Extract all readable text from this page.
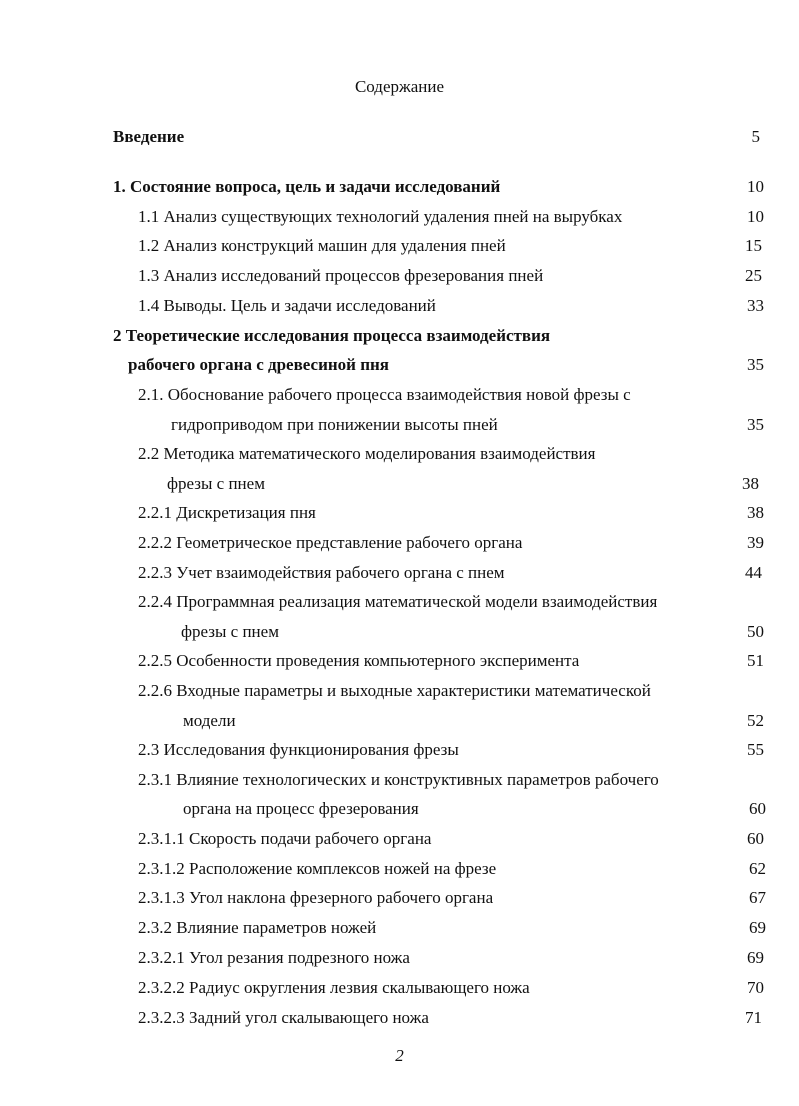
Содержание
Введение	5
1. Состояние вопроса, цель и задачи исследований	10
1.1 Анализ существующих технологий удаления пней на вырубках	10
1.2 Анализ конструкций машин для удаления пней	15
1.3 Анализ исследований процессов фрезерования пней	25
1.4 Выводы. Цель и задачи исследований	33
2 Теоретические исследования процесса взаимодействия
рабочего органа с древесиной пня	35
2.1. Обоснование рабочего процесса взаимодействия новой фрезы с
гидроприводом при понижении высоты пней	35
2.2 Методика математического моделирования взаимодействия
фрезы с пнем	38
2.2.1 Дискретизация пня	38
2.2.2 Геометрическое представление рабочего органа	39
2.2.3 Учет взаимодействия рабочего органа с пнем	44
2.2.4 Программная реализация математической модели взаимодействия
фрезы с пнем	50
2.2.5 Особенности проведения компьютерного эксперимента	51
2.2.6 Входные параметры и выходные характеристики математической
модели	52
2.3 Исследования функционирования фрезы	55
2.3.1 Влияние технологических и конструктивных параметров рабочего
органа на процесс фрезерования	60
2.3.1.1 Скорость подачи рабочего органа	60
2.3.1.2 Расположение комплексов ножей на фрезе	62
2.3.1.3 Угол наклона фрезерного рабочего органа	67
2.3.2 Влияние параметров ножей	69
2.3.2.1 Угол резания подрезного ножа	69
2.3.2.2 Радиус округления лезвия скалывающего ножа	70
2.3.2.3 Задний угол скалывающего ножа	71
2
